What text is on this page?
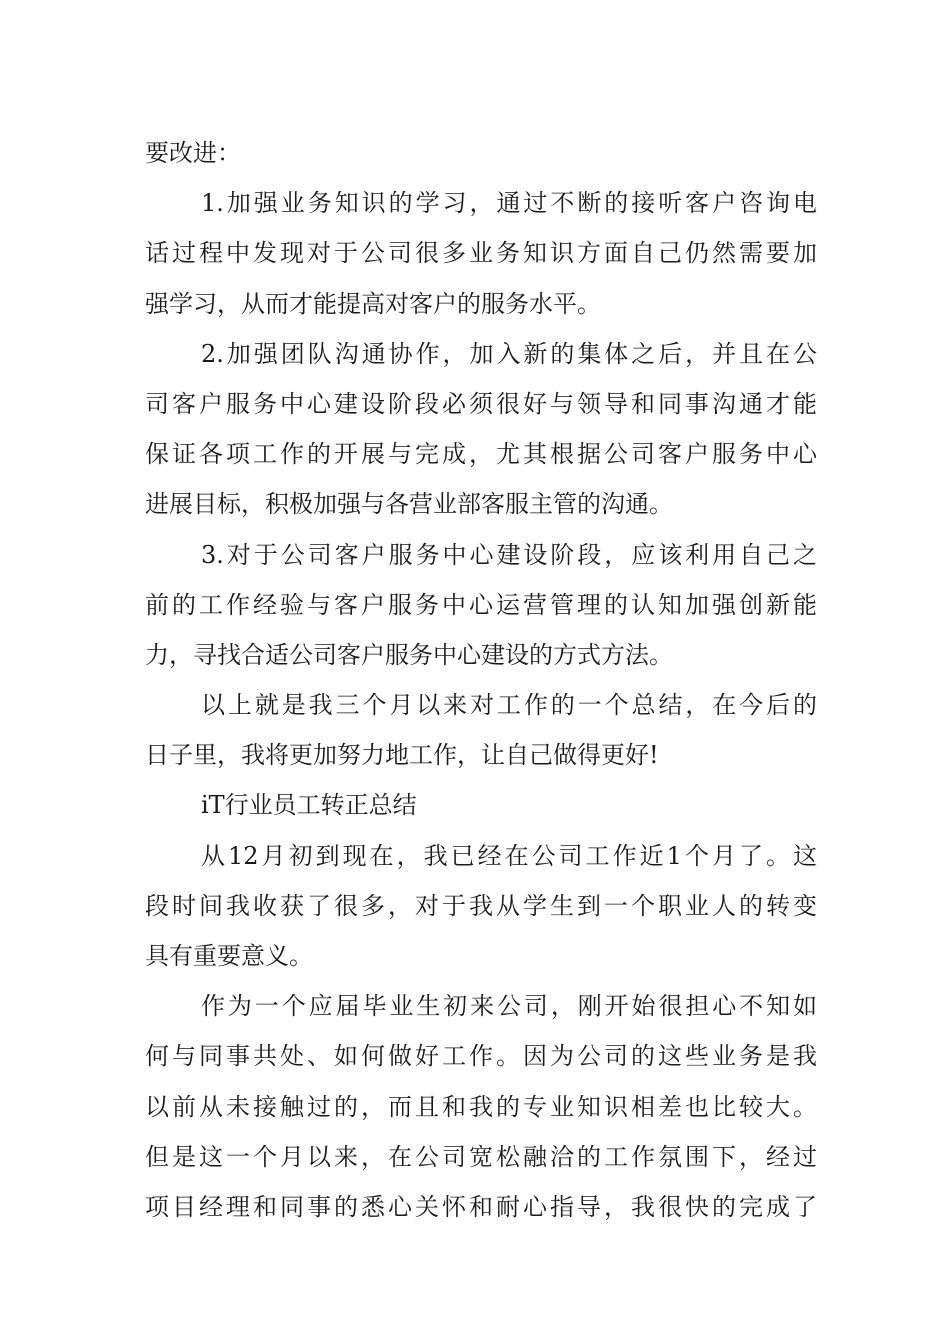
要改进：
1.加强业务知识的学习，通过不断的接听客户咨询电
话过程中发现对于公司很多业务知识方面自己仍然需要加
强学习，从而才能提高对客户的服务水平。
2.加强团队沟通协作，加入新的集体之后，并且在公
司客户服务中心建设阶段必须很好与领导和同事沟通才能
保证各项工作的开展与完成，尤其根据公司客户服务中心
进展目标，积极加强与各营业部客服主管的沟通。
3.对于公司客户服务中心建设阶段，应该利用自己之
前的工作经验与客户服务中心运营管理的认知加强创新能
力，寻找合适公司客户服务中心建设的方式方法。
以上就是我三个月以来对工作的一个总结，在今后的
日子里，我将更加努力地工作，让自己做得更好!
iT行业员工转正总结
从12月初到现在，我已经在公司工作近1个月了。这
段时间我收获了很多，对于我从学生到一个职业人的转变
具有重要意义。
作为一个应届毕业生初来公司，刚开始很担心不知如
何与同事共处、如何做好工作。因为公司的这些业务是我
以前从未接触过的，而且和我的专业知识相差也比较大。
但是这一个月以来，在公司宽松融洽的工作氛围下，经过
项目经理和同事的悉心关怀和耐心指导，我很快的完成了
